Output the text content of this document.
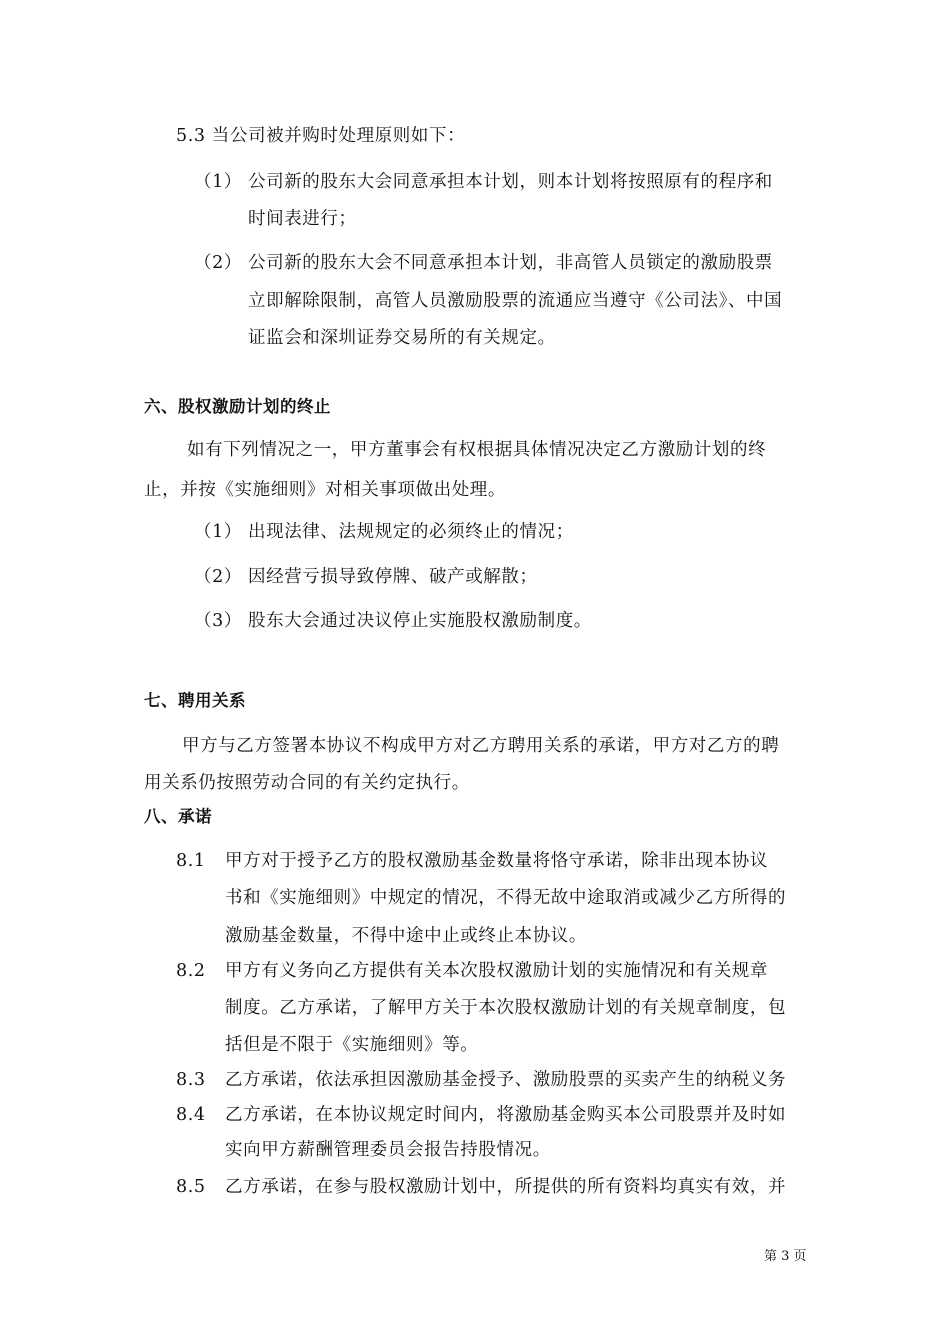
5.3 当公司被并购时处理原则如下：
（1） 公司新的股东大会同意承担本计划，则本计划将按照原有的程序和
时间表进行；
（2） 公司新的股东大会不同意承担本计划，非高管人员锁定的激励股票
立即解除限制，高管人员激励股票的流通应当遵守《公司法》、中国
证监会和深圳证券交易所的有关规定。
六、股权激励计划的终止
如有下列情况之一，甲方董事会有权根据具体情况决定乙方激励计划的终
止，并按《实施细则》对相关事项做出处理。
（1） 出现法律、法规规定的必须终止的情况；
（2） 因经营亏损导致停牌、破产或解散；
（3） 股东大会通过决议停止实施股权激励制度。
七、聘用关系
甲方与乙方签署本协议不构成甲方对乙方聘用关系的承诺，甲方对乙方的聘
用关系仍按照劳动合同的有关约定执行。
八、承诺
8.1 甲方对于授予乙方的股权激励基金数量将恪守承诺，除非出现本协议
书和《实施细则》中规定的情况，不得无故中途取消或减少乙方所得的
激励基金数量，不得中途中止或终止本协议。
8.2 甲方有义务向乙方提供有关本次股权激励计划的实施情况和有关规章
制度。乙方承诺，了解甲方关于本次股权激励计划的有关规章制度，包
括但是不限于《实施细则》等。
8.3 乙方承诺，依法承担因激励基金授予、激励股票的买卖产生的纳税义务
8.4 乙方承诺，在本协议规定时间内，将激励基金购买本公司股票并及时如
实向甲方薪酬管理委员会报告持股情况。
8.5 乙方承诺，在参与股权激励计划中，所提供的所有资料均真实有效，并
第 3 页
